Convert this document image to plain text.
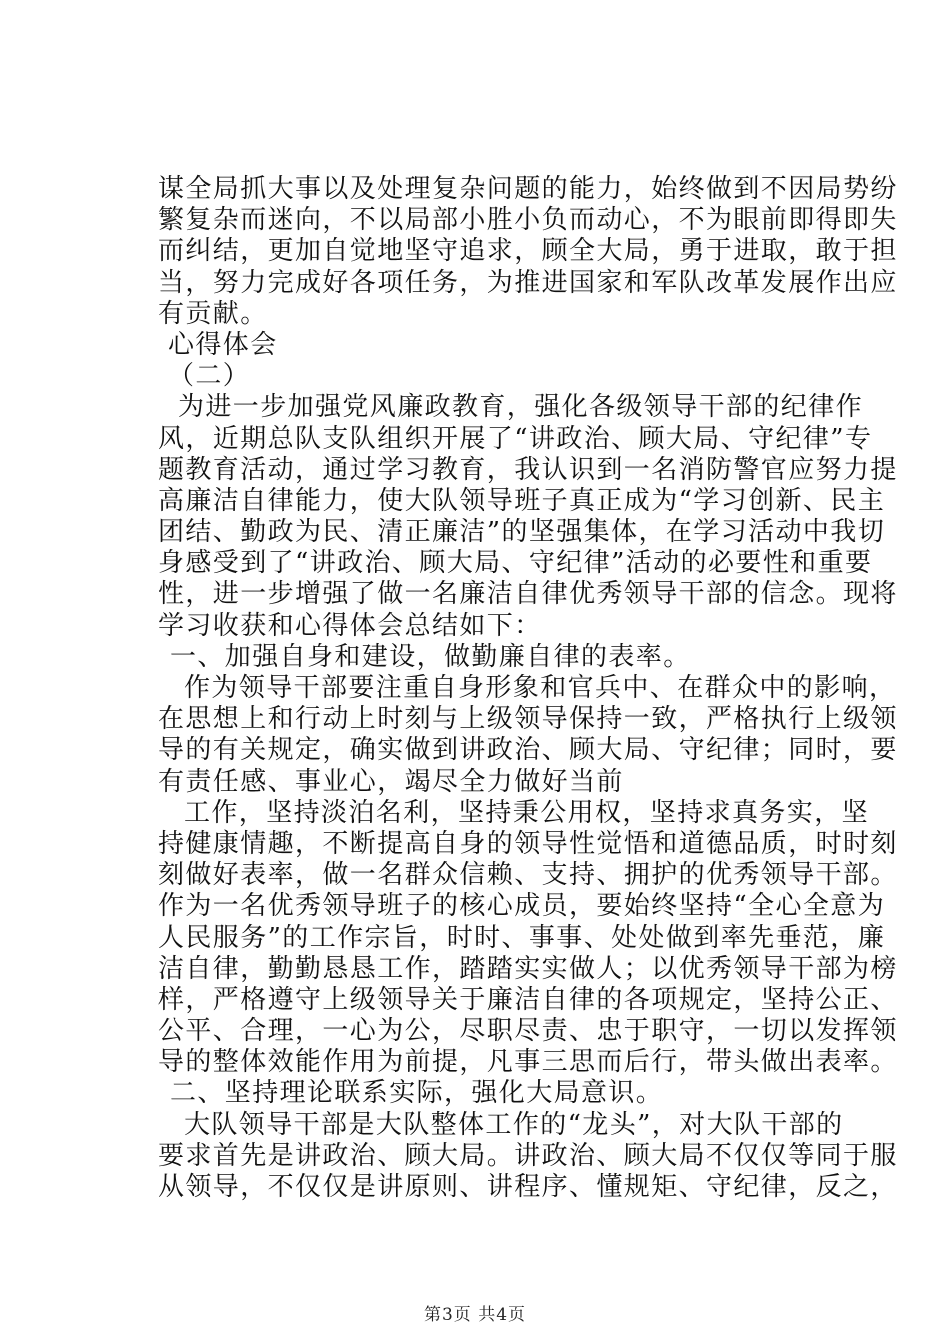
谋全局抓大事以及处理复杂问题的能力，始终做到不因局势纷
繁复杂而迷向，不以局部小胜小负而动心，不为眼前即得即失
而纠结，更加自觉地坚守追求，顾全大局，勇于进取，敢于担
当，努力完成好各项任务，为推进国家和军队改革发展作出应
有贡献。
心得体会
（二）
为进一步加强党风廉政教育，强化各级领导干部的纪律作
风，近期总队支队组织开展了“讲政治、顾大局、守纪律”专
题教育活动，通过学习教育，我认识到一名消防警官应努力提
高廉洁自律能力，使大队领导班子真正成为“学习创新、民主
团结、勤政为民、清正廉洁”的坚强集体，在学习活动中我切
身感受到了“讲政治、顾大局、守纪律”活动的必要性和重要
性，进一步增强了做一名廉洁自律优秀领导干部的信念。现将
学习收获和心得体会总结如下：
一、加强自身和建设，做勤廉自律的表率。
作为领导干部要注重自身形象和官兵中、在群众中的影响，
在思想上和行动上时刻与上级领导保持一致，严格执行上级领
导的有关规定，确实做到讲政治、顾大局、守纪律；同时，要
有责任感、事业心，竭尽全力做好当前
工作，坚持淡泊名利，坚持秉公用权，坚持求真务实，坚
持健康情趣，不断提高自身的领导性觉悟和道德品质，时时刻
刻做好表率，做一名群众信赖、支持、拥护的优秀领导干部。
作为一名优秀领导班子的核心成员，要始终坚持“全心全意为
人民服务”的工作宗旨，时时、事事、处处做到率先垂范，廉
洁自律，勤勤恳恳工作，踏踏实实做人；以优秀领导干部为榜
样，严格遵守上级领导关于廉洁自律的各项规定，坚持公正、
公平、合理，一心为公，尽职尽责、忠于职守，一切以发挥领
导的整体效能作用为前提，凡事三思而后行，带头做出表率。
二、坚持理论联系实际，强化大局意识。
大队领导干部是大队整体工作的“龙头”，对大队干部的
要求首先是讲政治、顾大局。讲政治、顾大局不仅仅等同于服
从领导，不仅仅是讲原则、讲程序、懂规矩、守纪律，反之，
第3页 共4页
